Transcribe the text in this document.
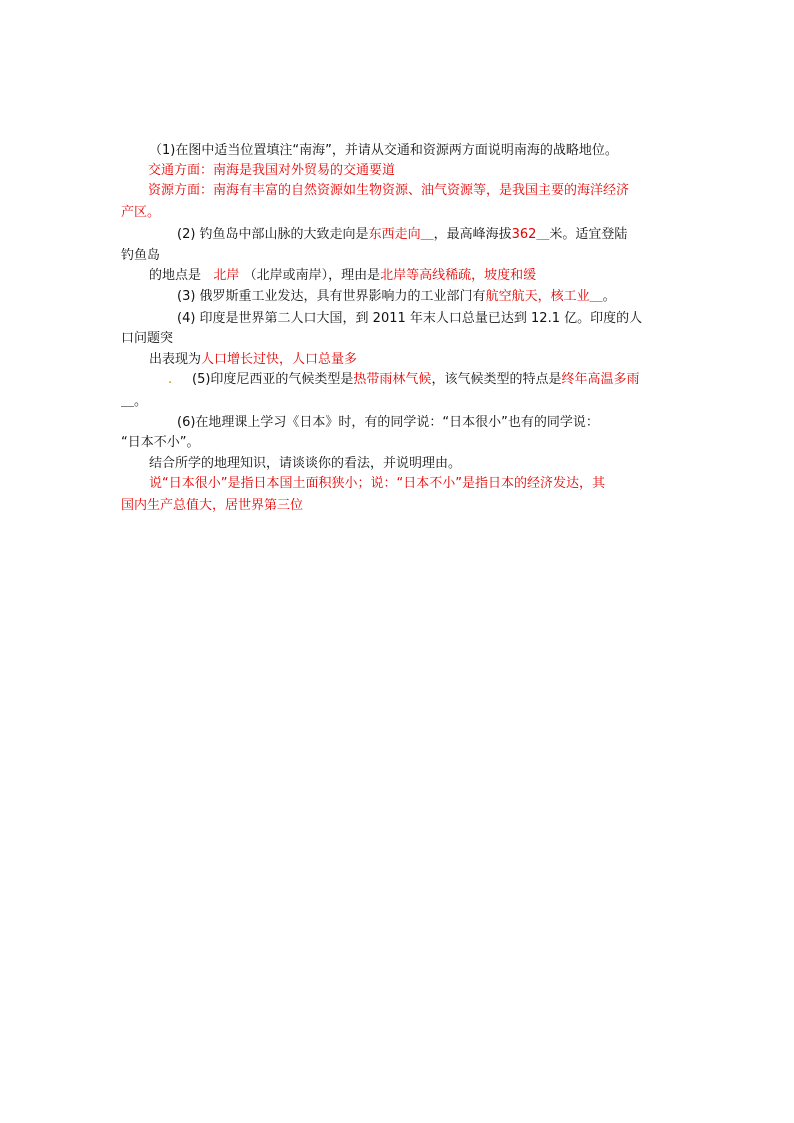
（1)在图中适当位置填注“南海”，并请从交通和资源两方面说明南海的战略地位。
交通方面：南海是我国对外贸易的交通要道
资源方面：南海有丰富的自然资源如生物资源、油气资源等，是我国主要的海洋经济
产区。
(2) 钓鱼岛中部山脉的大致走向是东西走向＿，最高峰海拔362＿米。适宜登陆
钓鱼岛
的地点是 北岸 （北岸或南岸），理由是北岸等高线稀疏，坡度和缓
(3) 俄罗斯重工业发达，具有世界影响力的工业部门有航空航天，核工业＿。
(4) 印度是世界第二人口大国，到 2011 年末人口总量已达到 12.1 亿。印度的人
口问题突
出表现为人口增长过快，人口总量多
. (5)印度尼西亚的气候类型是热带雨林气候，该气候类型的特点是终年高温多雨
＿。
(6)在地理课上学习《日本》时，有的同学说：“日本很小”也有的同学说：
“日本不小”。
结合所学的地理知识，请谈谈你的看法，并说明理由。
说“日本很小”是指日本国土面积狭小；说：“日本不小”是指日本的经济发达，其
国内生产总值大，居世界第三位
